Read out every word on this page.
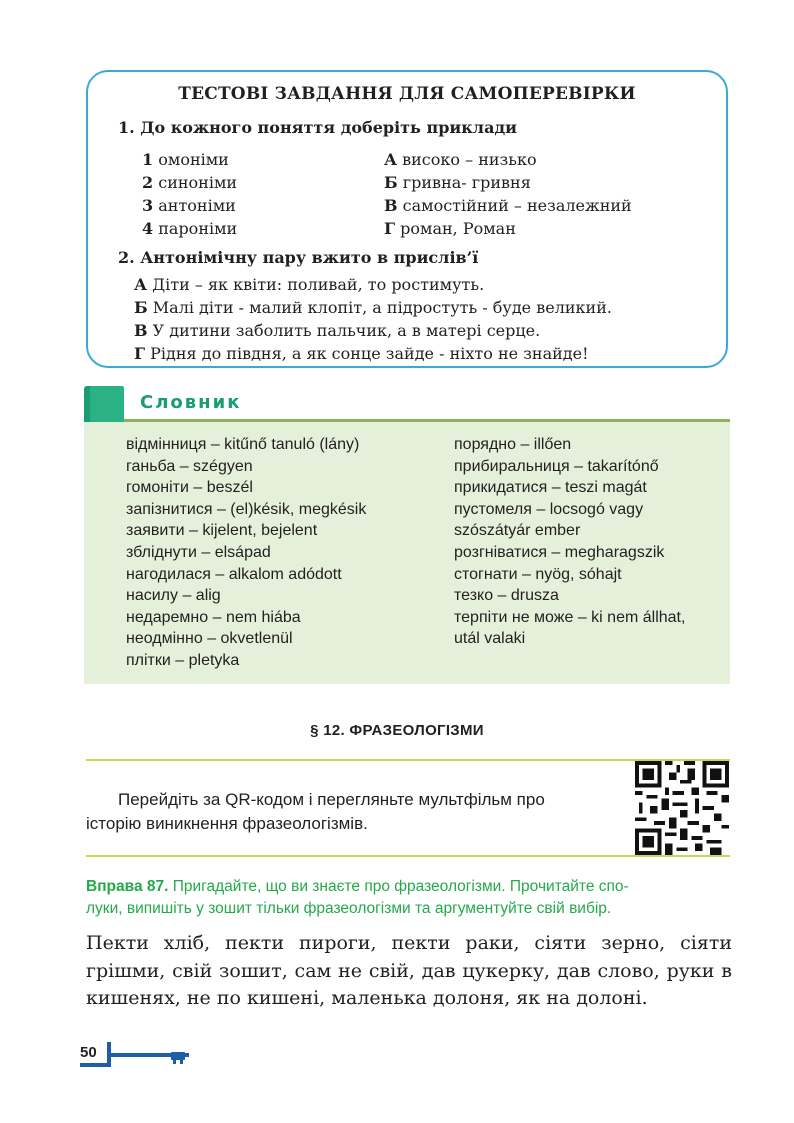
ТЕСТОВІ ЗАВДАННЯ ДЛЯ САМОПЕРЕВІРКИ
1. До кожного поняття доберіть приклади
1 омоніми
2 синоніми
3 антоніми
4 пароніми
А високо – низько
Б гривна- гривня
В самостійний – незалежний
Г роман, Роман
2. Антонімічну пару вжито в прислів’ї
А Діти – як квіти: поливай, то ростимуть.
Б Малі діти - малий клопіт, а підростуть - буде великий.
В У дитини заболить пальчик, а в матері серце.
Г Рідня до півдня, а як сонце зайде - ніхто не знайде!
Словник
відмінниця – kitűnő tanuló (lány)
ганьба – szégyen
гомоніти – beszél
запізнитися – (el)késik, megkésik
заявити – kijelent, bejelent
збліднути – elsápad
нагодилася – alkalom adódott
насилу – alig
недаремно – nem hiába
неодмінно – okvetlenül
плітки – pletyka
порядно – illően
прибиральниця – takarítónő
прикидатися – teszi magát
пустомеля – locsogó vagy
szószátyár ember
розгніватися – megharagszik
стогнати – nyög, sóhajt
тезко – drusza
терпіти не може – ki nem állhat,
utál valaki
§ 12. ФРАЗЕОЛОГІЗМИ
Перейдіть за QR-кодом і перегляньте мультфільм про
історію виникнення фразеологізмів.
Вправа 87. Пригадайте, що ви знаєте про фразеологізми. Прочитайте спо-
луки, випишіть у зошит тільки фразеологізми та аргументуйте свій вибір.
Пекти хліб, пекти пироги, пекти раки, сіяти зерно, сіяти грішми, свій зошит, сам не свій, дав цукерку, дав слово, руки в кишенях, не по кишені, маленька долоня, як на долоні.
50
